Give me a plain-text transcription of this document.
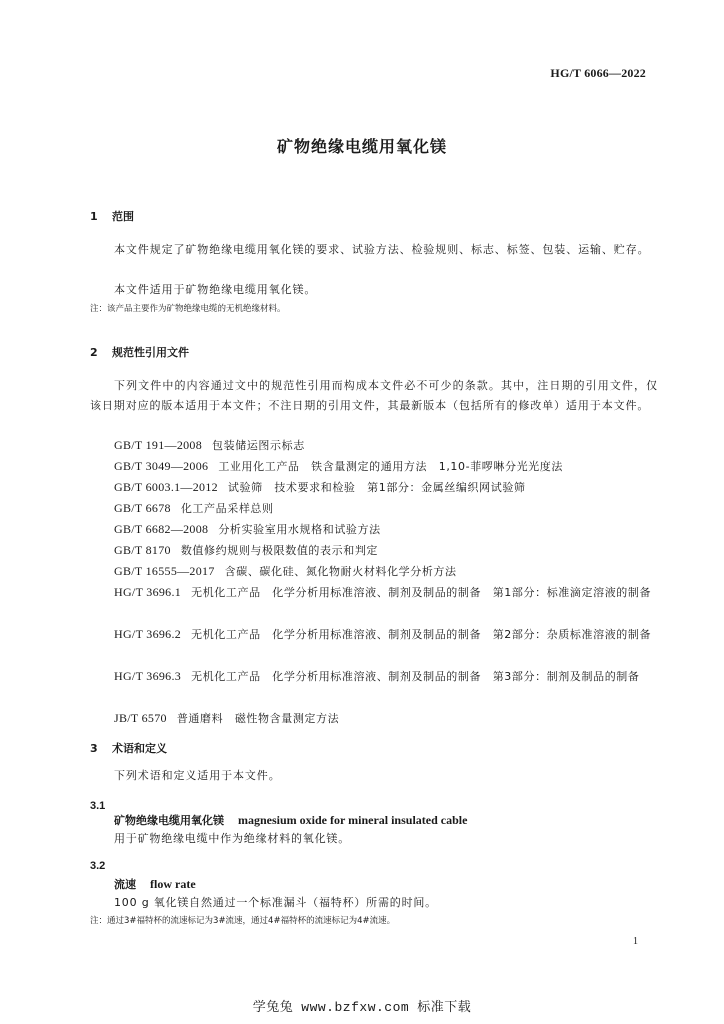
HG/T 6066—2022
矿物绝缘电缆用氧化镁
1 范围
本文件规定了矿物绝缘电缆用氧化镁的要求、试验方法、检验规则、标志、标签、包装、运输、贮存。
本文件适用于矿物绝缘电缆用氧化镁。
注：该产品主要作为矿物绝缘电缆的无机绝缘材料。
2 规范性引用文件
下列文件中的内容通过文中的规范性引用而构成本文件必不可少的条款。其中，注日期的引用文件，仅该日期对应的版本适用于本文件；不注日期的引用文件，其最新版本（包括所有的修改单）适用于本文件。
GB/T 191—2008 包装储运图示标志
GB/T 3049—2006 工业用化工产品　铁含量测定的通用方法　1,10-菲啰啉分光光度法
GB/T 6003.1—2012 试验筛　技术要求和检验　第1部分：金属丝编织网试验筛
GB/T 6678 化工产品采样总则
GB/T 6682—2008 分析实验室用水规格和试验方法
GB/T 8170 数值修约规则与极限数值的表示和判定
GB/T 16555—2017 含碳、碳化硅、氮化物耐火材料化学分析方法
HG/T 3696.1 无机化工产品　化学分析用标准溶液、制剂及制品的制备　第1部分：标准滴定溶液的制备
HG/T 3696.2 无机化工产品　化学分析用标准溶液、制剂及制品的制备　第2部分：杂质标准溶液的制备
HG/T 3696.3 无机化工产品　化学分析用标准溶液、制剂及制品的制备　第3部分：制剂及制品的制备
JB/T 6570 普通磨料　磁性物含量测定方法
3 术语和定义
下列术语和定义适用于本文件。
3.1
矿物绝缘电缆用氧化镁 magnesium oxide for mineral insulated cable
用于矿物绝缘电缆中作为绝缘材料的氧化镁。
3.2
流速 flow rate
100 g 氧化镁自然通过一个标准漏斗（福特杯）所需的时间。
注：通过3#福特杯的流速标记为3#流速，通过4#福特杯的流速标记为4#流速。
1
学兔兔 www.bzfxw.com 标准下载
